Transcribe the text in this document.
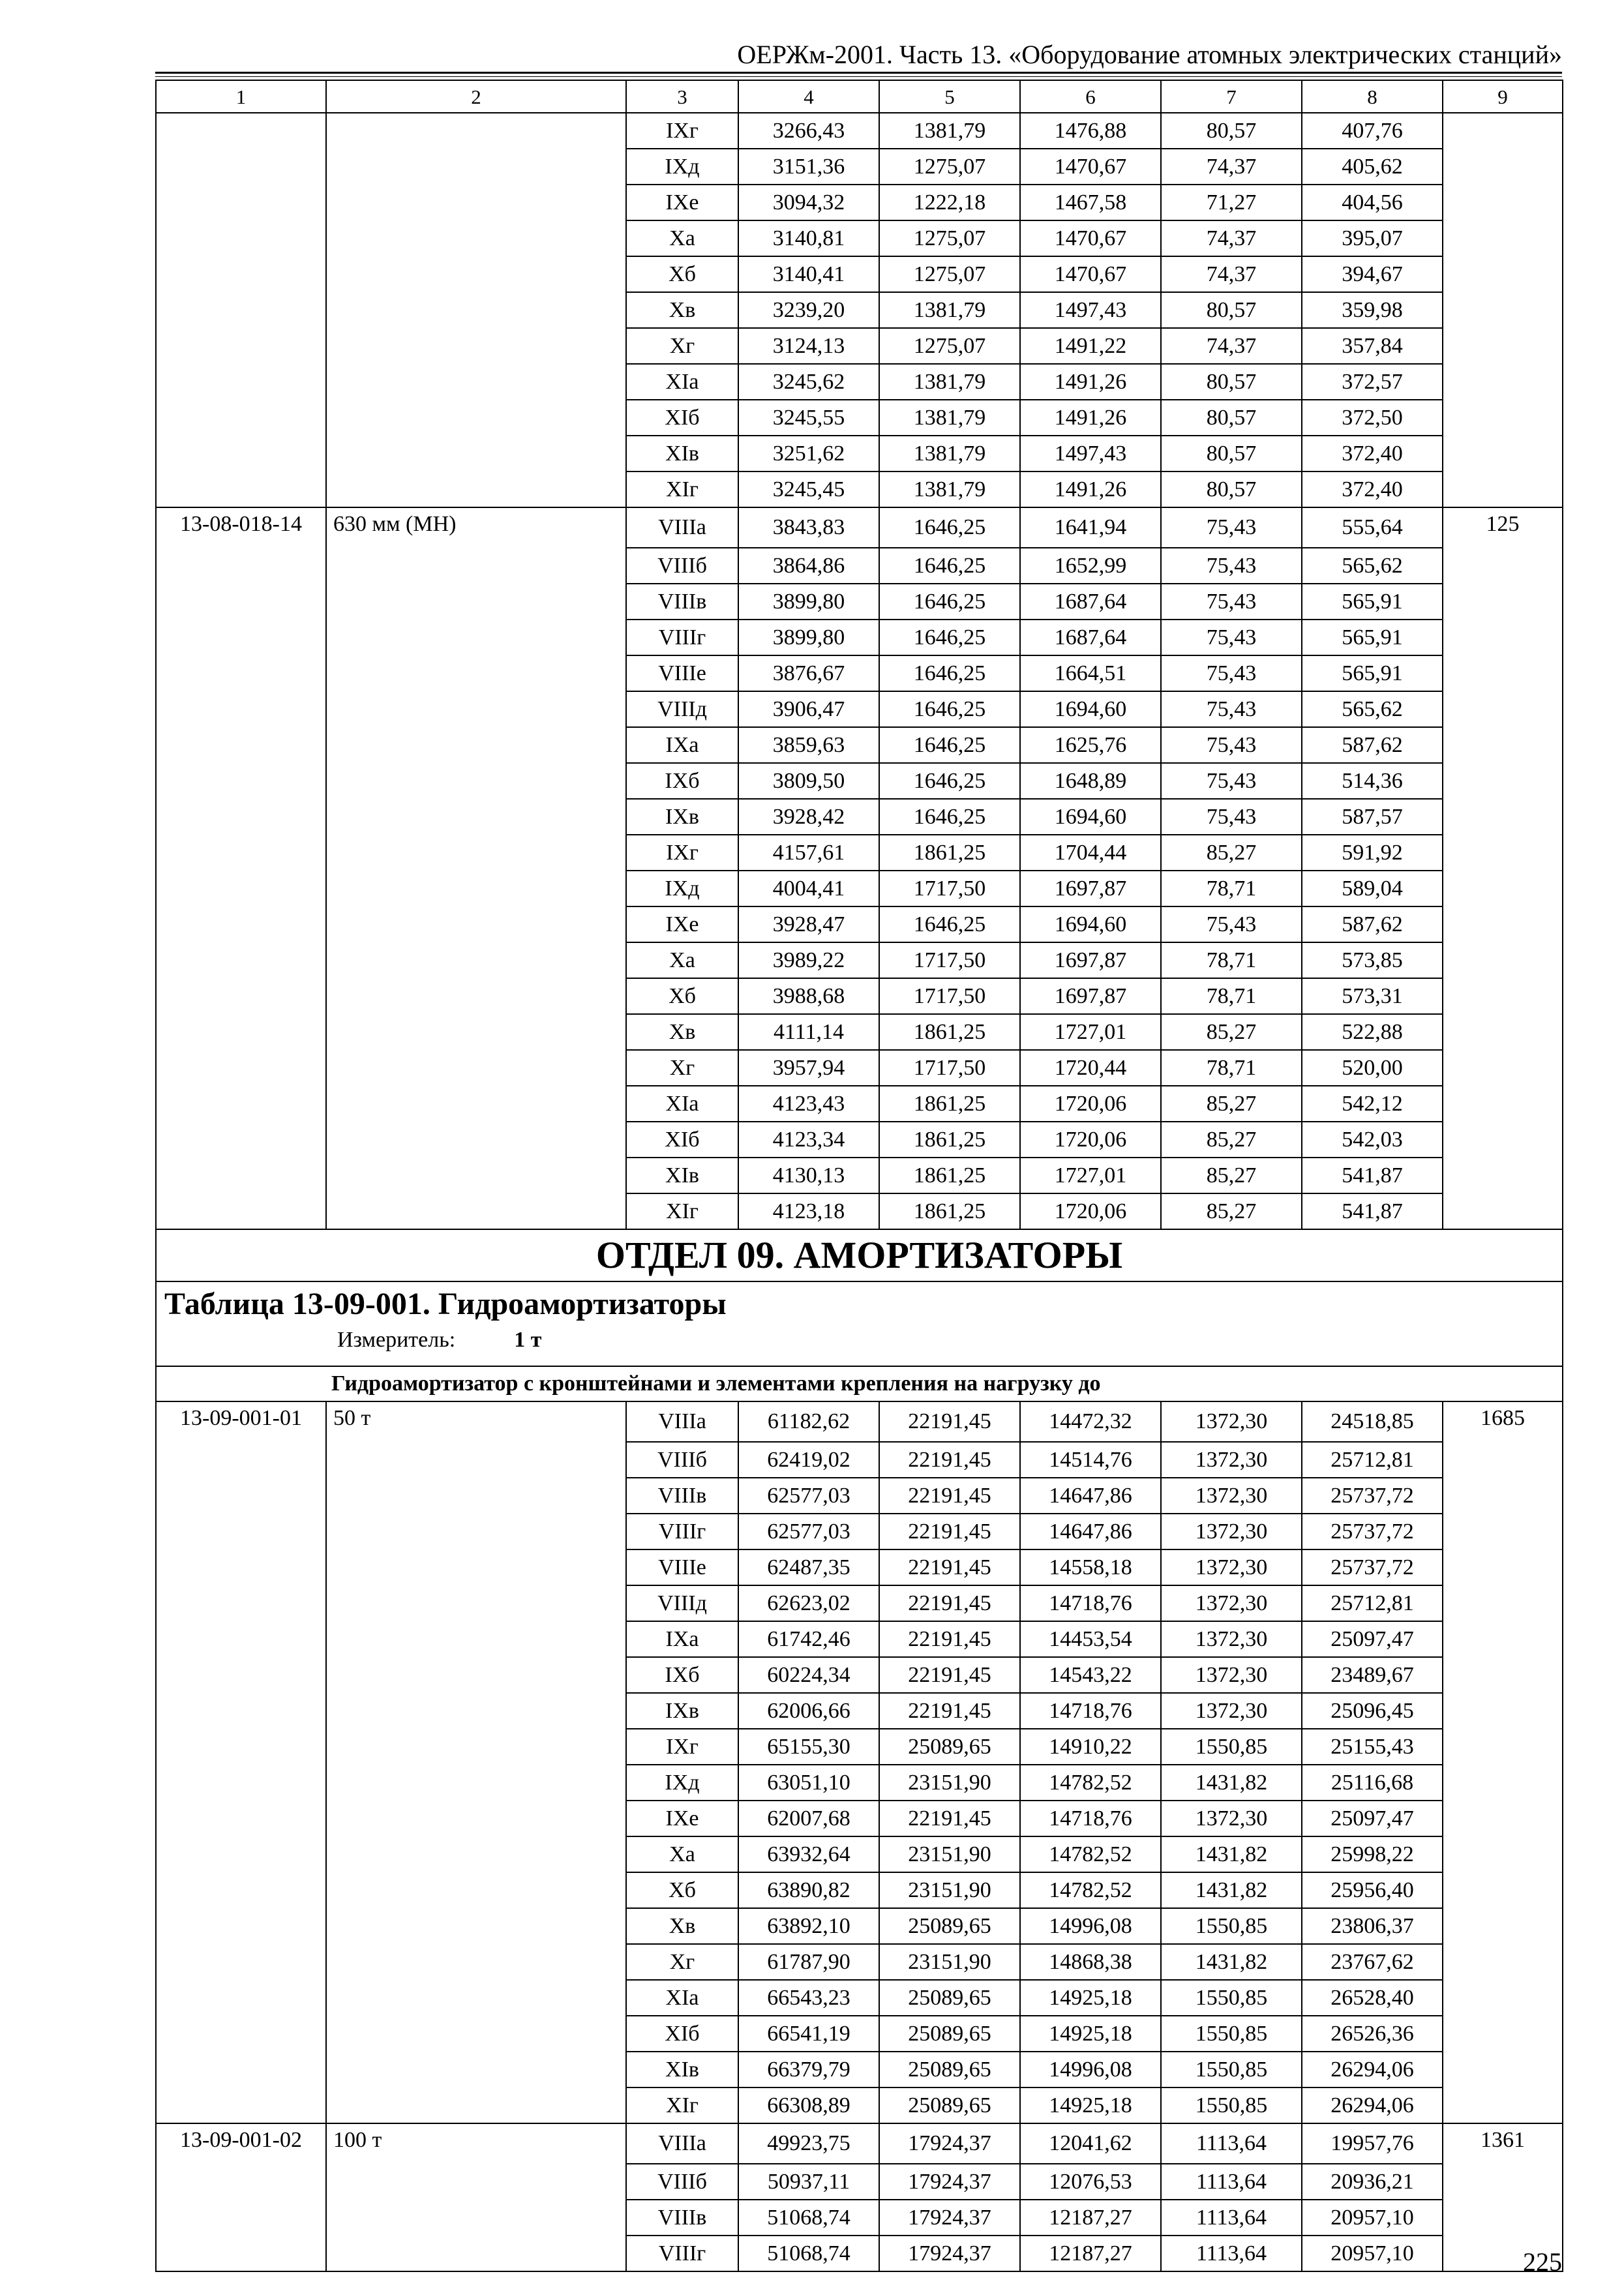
ОЕРЖм-2001. Часть 13. «Оборудование атомных электрических станций»
1	2	3	4	5	6	7	8	9
		IXг	3266,43	1381,79	1476,88	80,57	407,76	
		IXд	3151,36	1275,07	1470,67	74,37	405,62	
		IXе	3094,32	1222,18	1467,58	71,27	404,56	
		Xа	3140,81	1275,07	1470,67	74,37	395,07	
		Xб	3140,41	1275,07	1470,67	74,37	394,67	
		Xв	3239,20	1381,79	1497,43	80,57	359,98	
		Xг	3124,13	1275,07	1491,22	74,37	357,84	
		XIа	3245,62	1381,79	1491,26	80,57	372,57	
		XIб	3245,55	1381,79	1491,26	80,57	372,50	
		XIв	3251,62	1381,79	1497,43	80,57	372,40	
		XIг	3245,45	1381,79	1491,26	80,57	372,40	
13-08-018-14	630 мм (МН)	VIIIа	3843,83	1646,25	1641,94	75,43	555,64	125
		VIIIб	3864,86	1646,25	1652,99	75,43	565,62	
		VIIIв	3899,80	1646,25	1687,64	75,43	565,91	
		VIIIг	3899,80	1646,25	1687,64	75,43	565,91	
		VIIIе	3876,67	1646,25	1664,51	75,43	565,91	
		VIIIд	3906,47	1646,25	1694,60	75,43	565,62	
		IXа	3859,63	1646,25	1625,76	75,43	587,62	
		IXб	3809,50	1646,25	1648,89	75,43	514,36	
		IXв	3928,42	1646,25	1694,60	75,43	587,57	
		IXг	4157,61	1861,25	1704,44	85,27	591,92	
		IXд	4004,41	1717,50	1697,87	78,71	589,04	
		IXе	3928,47	1646,25	1694,60	75,43	587,62	
		Xа	3989,22	1717,50	1697,87	78,71	573,85	
		Xб	3988,68	1717,50	1697,87	78,71	573,31	
		Xв	4111,14	1861,25	1727,01	85,27	522,88	
		Xг	3957,94	1717,50	1720,44	78,71	520,00	
		XIа	4123,43	1861,25	1720,06	85,27	542,12	
		XIб	4123,34	1861,25	1720,06	85,27	542,03	
		XIв	4130,13	1861,25	1727,01	85,27	541,87	
		XIг	4123,18	1861,25	1720,06	85,27	541,87	
ОТДЕЛ 09. АМОРТИЗАТОРЫ								

Таблица 13-09-001. Гидроамортизаторы
Измеритель: 1 т								

Гидроамортизатор с кронштейнами и элементами крепления на нагрузку до								
13-09-001-01	50 т	VIIIа	61182,62	22191,45	14472,32	1372,30	24518,85	1685
		VIIIб	62419,02	22191,45	14514,76	1372,30	25712,81	
		VIIIв	62577,03	22191,45	14647,86	1372,30	25737,72	
		VIIIг	62577,03	22191,45	14647,86	1372,30	25737,72	
		VIIIе	62487,35	22191,45	14558,18	1372,30	25737,72	
		VIIIд	62623,02	22191,45	14718,76	1372,30	25712,81	
		IXа	61742,46	22191,45	14453,54	1372,30	25097,47	
		IXб	60224,34	22191,45	14543,22	1372,30	23489,67	
		IXв	62006,66	22191,45	14718,76	1372,30	25096,45	
		IXг	65155,30	25089,65	14910,22	1550,85	25155,43	
		IXд	63051,10	23151,90	14782,52	1431,82	25116,68	
		IXе	62007,68	22191,45	14718,76	1372,30	25097,47	
		Xа	63932,64	23151,90	14782,52	1431,82	25998,22	
		Xб	63890,82	23151,90	14782,52	1431,82	25956,40	
		Xв	63892,10	25089,65	14996,08	1550,85	23806,37	
		Xг	61787,90	23151,90	14868,38	1431,82	23767,62	
		XIа	66543,23	25089,65	14925,18	1550,85	26528,40	
		XIб	66541,19	25089,65	14925,18	1550,85	26526,36	
		XIв	66379,79	25089,65	14996,08	1550,85	26294,06	
		XIг	66308,89	25089,65	14925,18	1550,85	26294,06	
13-09-001-02	100 т	VIIIа	49923,75	17924,37	12041,62	1113,64	19957,76	1361
		VIIIб	50937,11	17924,37	12076,53	1113,64	20936,21	
		VIIIв	51068,74	17924,37	12187,27	1113,64	20957,10	
		VIIIг	51068,74	17924,37	12187,27	1113,64	20957,10		225
